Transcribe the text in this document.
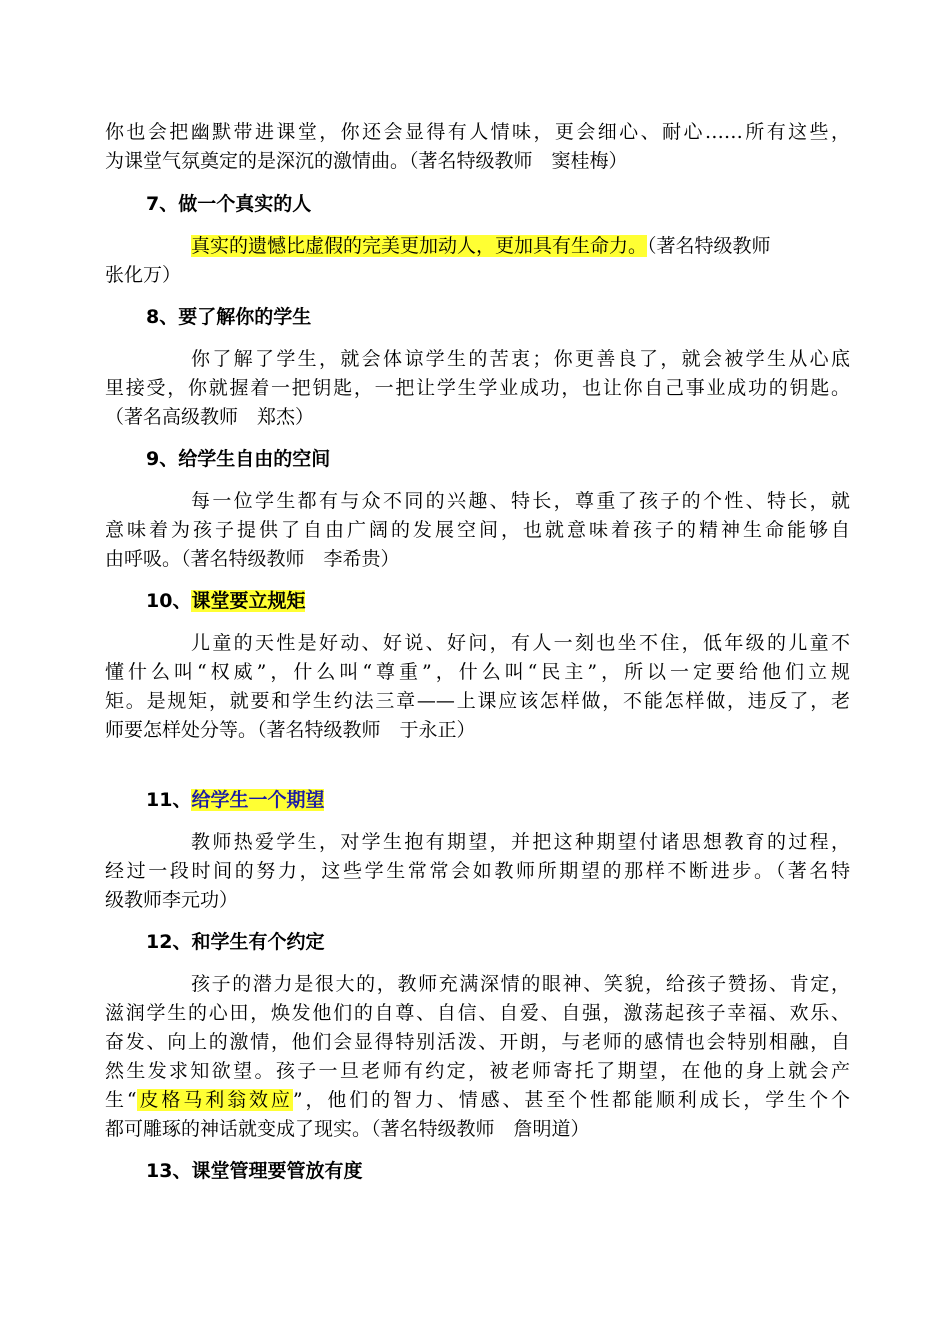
你也会把幽默带进课堂，你还会显得有人情味，更会细心、耐心……所有这些，
为课堂气氛奠定的是深沉的激情曲。（著名特级教师　窦桂梅）
7、做一个真实的人
真实的遗憾比虚假的完美更加动人，更加具有生命力。（著名特级教师
张化万）
8、要了解你的学生
你了解了学生，就会体谅学生的苦衷；你更善良了，就会被学生从心底
里接受，你就握着一把钥匙，一把让学生学业成功，也让你自己事业成功的钥匙。
（著名高级教师　郑杰）
9、给学生自由的空间
每一位学生都有与众不同的兴趣、特长，尊重了孩子的个性、特长，就
意味着为孩子提供了自由广阔的发展空间，也就意味着孩子的精神生命能够自
由呼吸。（著名特级教师　李希贵）
10、课堂要立规矩
儿童的天性是好动、好说、好问，有人一刻也坐不住，低年级的儿童不
懂什么叫“权威”，什么叫“尊重”，什么叫“民主”，所以一定要给他们立规
矩。是规矩，就要和学生约法三章——上课应该怎样做，不能怎样做，违反了，老
师要怎样处分等。（著名特级教师　于永正）
11、给学生一个期望
教师热爱学生，对学生抱有期望，并把这种期望付诸思想教育的过程，
经过一段时间的努力，这些学生常常会如教师所期望的那样不断进步。（著名特
级教师李元功）
12、和学生有个约定
孩子的潜力是很大的，教师充满深情的眼神、笑貌，给孩子赞扬、肯定，
滋润学生的心田，焕发他们的自尊、自信、自爱、自强，激荡起孩子幸福、欢乐、
奋发、向上的激情，他们会显得特别活泼、开朗，与老师的感情也会特别相融，自
然生发求知欲望。孩子一旦老师有约定，被老师寄托了期望，在他的身上就会产
生“皮格马利翁效应”，他们的智力、情感、甚至个性都能顺利成长，学生个个
都可雕琢的神话就变成了现实。（著名特级教师　詹明道）
13、课堂管理要管放有度
